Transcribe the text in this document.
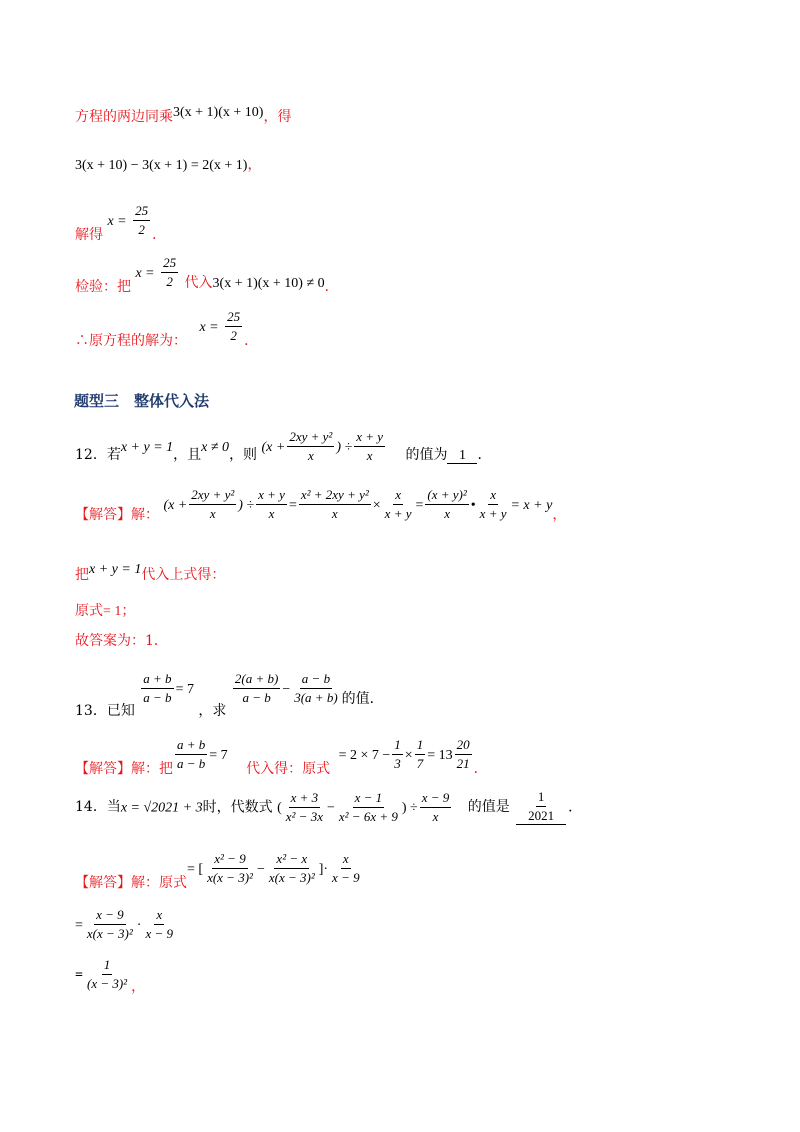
方程的两边同乘3(x + 1)(x + 10)，得
3(x + 10) − 3(x + 1) = 2(x + 1)，
解得 $x = \frac{25}{2}$ ．
检验：把 $x = \frac{25}{2}$ 代入3(x + 1)(x + 10) ≠ 0．
∴原方程的解为： $x = \frac{25}{2}$ ．
题型三　整体代入法
12．若x + y = 1，且x ≠ 0，则 ($x + \frac{\text{2xy + y²}}{x}$ ) ÷ $\frac{x + y}{x}$ 的值为 1 ．
【解答】解： ($x + \frac{\text{2xy + y²}}{x}$ ) ÷ $\frac{x + y}{x} = \frac{\text{x² + 2xy + y²}}{x} \times \frac{x}{x + y} = \frac{\text{(x + y)²}}{x}$ • $\frac{x}{x + y} = x + y$，
把x + y = 1代入上式得：
原式= 1；
故答案为：1．
13．已知
$\frac{a + b}{a - b} = 7$ ，求
$\frac{2(a + b)}{a - b} - \frac{a - b}{3(a + b)}$ 的值．
【解答】解：把 $\frac{a + b}{a - b} = 7$ 代入得：原式 = $2 \times 7 - \frac{1}{3} \times \frac{1}{7} = 13 \frac{20}{21}$ ．
14．当x = √2021 + 3时，代数式 ( $\frac{x + 3}{\text{x² − 3x}} - \frac{x - 1}{\text{x² − 6x + 9}}$ ) ÷ $\frac{x - 9}{x}$ 的值是 $\frac{1}{2021}$ ．
【解答】解：原式= [ $\frac{\text{x² − 9}}{\text{x(x − 3)²}} - \frac{\text{x² − x}}{\text{x(x − 3)²}}$ ]· $\frac{x}{x - 9}$
= $\frac{x - 9}{\text{x(x − 3)²}} \cdot \frac{x}{x - 9}$
= $\frac{1}{\text{(x − 3)²}}$ ，
